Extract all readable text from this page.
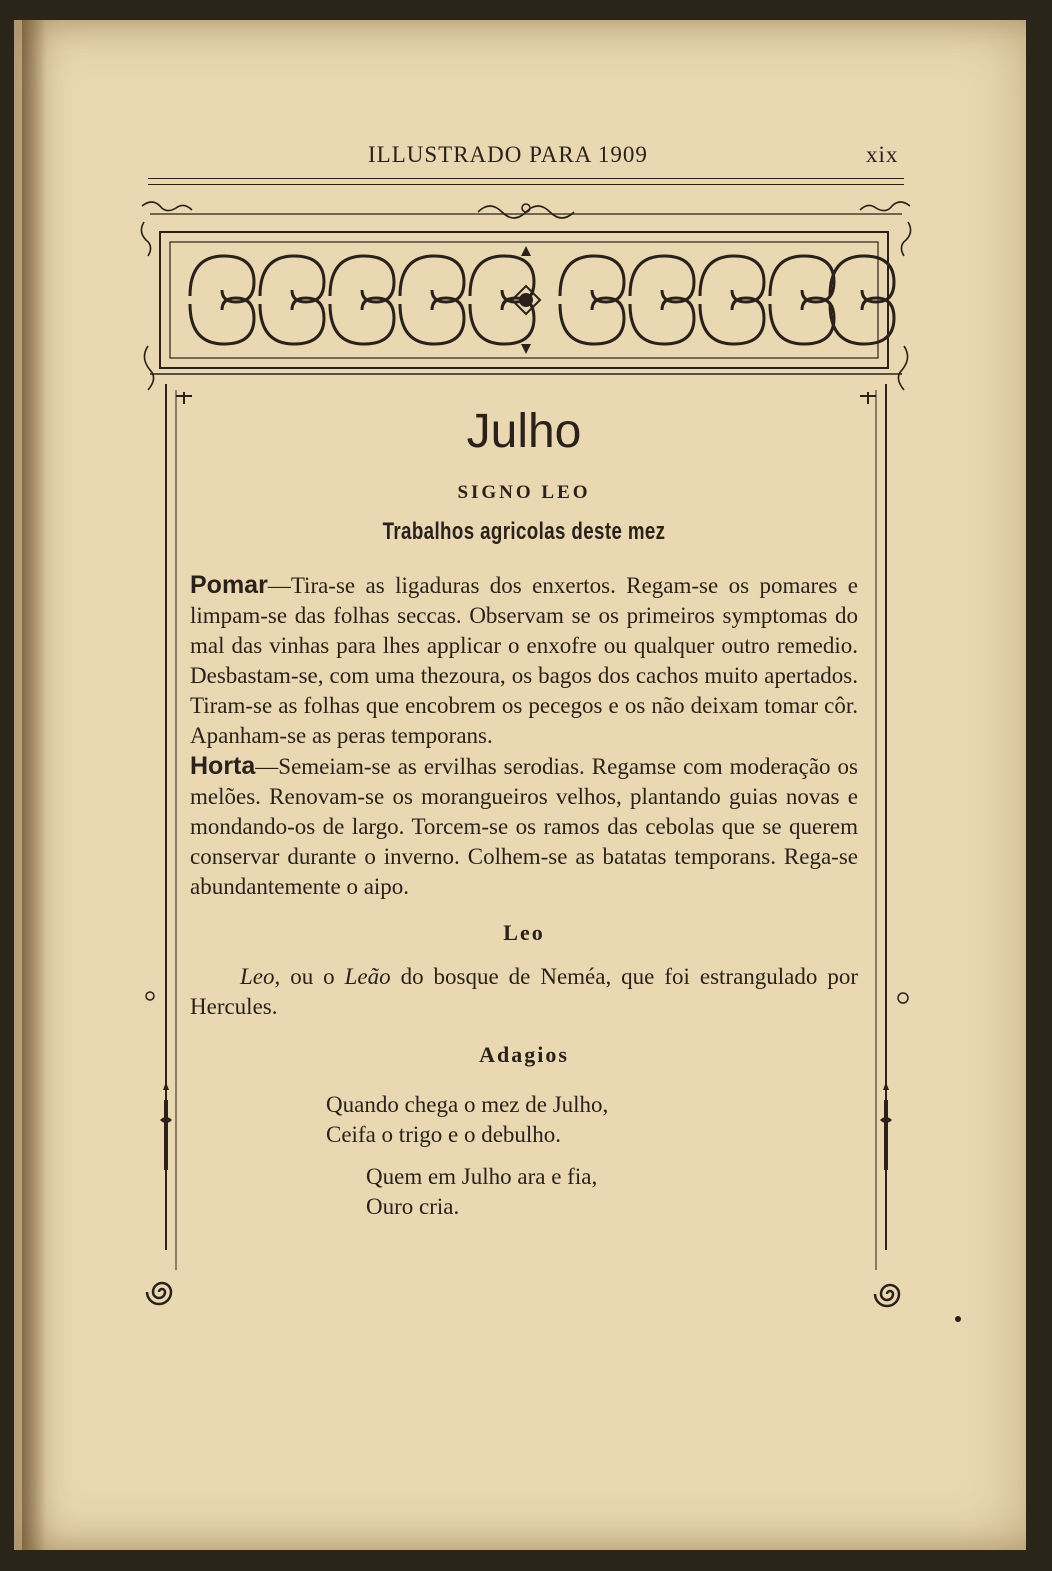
ILLUSTRADO PARA 1909	xix
Julho
SIGNO LEO
Trabalhos agricolas deste mez

Pomar—Tira-se as ligaduras dos enxertos. Regam-se os pomares e limpam-se das folhas seccas. Observam se os primeiros symptomas do mal das vinhas para lhes applicar o enxofre ou qualquer outro remedio. Desbastam-se, com uma thezoura, os bagos dos cachos muito apertados. Tiram-se as folhas que encobrem os pecegos e os não deixam tomar côr. Apanham-se as peras temporans.

Horta—Semeiam-se as ervilhas serodias. Regamse com moderação os melões. Renovam-se os morangueiros velhos, plantando guias novas e mondando-os de largo. Torcem-se os ramos das cebolas que se querem conservar durante o inverno. Colhem-se as batatas temporans. Rega-se abundantemente o aipo.

Leo

Leo, ou o Leão do bosque de Neméa, que foi estrangulado por Hercules.

Adagios
Quando chega o mez de Julho,
Ceifa o trigo e o debulho.
Quem em Julho ara e fia,
Ouro cria.
